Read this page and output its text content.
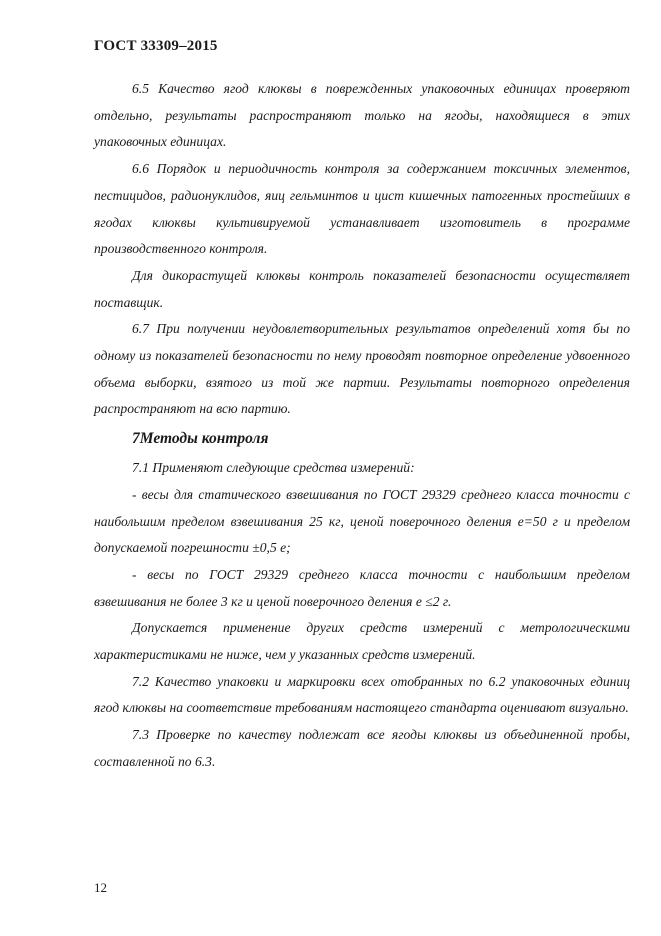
ГОСТ 33309–2015

6.5 Качество ягод клюквы в поврежденных упаковочных единицах проверяют отдельно, результаты распространяют только на ягоды, находящиеся в этих упаковочных единицах.

6.6 Порядок и периодичность контроля за содержанием токсичных элементов, пестицидов, радионуклидов, яиц гельминтов и цист кишечных патогенных простейших в ягодах клюквы культивируемой устанавливает изготовитель в программе производственного контроля.

Для дикорастущей клюквы контроль показателей безопасности осуществляет поставщик.

6.7 При получении неудовлетворительных результатов определений хотя бы по одному из показателей безопасности по нему проводят повторное определение удвоенного объема выборки, взятого из той же партии. Результаты повторного определения распространяют на всю партию.

7Методы контроля

7.1 Применяют следующие средства измерений:

- весы для статического взвешивания по ГОСТ 29329 среднего класса точности с наибольшим пределом взвешивания 25 кг, ценой поверочного деления е=50 г и пределом допускаемой погрешности ±0,5 е;

- весы по ГОСТ 29329 среднего класса точности с наибольшим пределом взвешивания не более 3 кг и ценой поверочного деления е ≤2 г.

Допускается применение других средств измерений с метрологическими характеристиками не ниже, чем у указанных средств измерений.

7.2 Качество упаковки и маркировки всех отобранных по 6.2 упаковочных единиц ягод клюквы на соответствие требованиям настоящего стандарта оценивают визуально.

7.3 Проверке по качеству подлежат все ягоды клюквы из объединенной пробы, составленной по 6.3.

12
